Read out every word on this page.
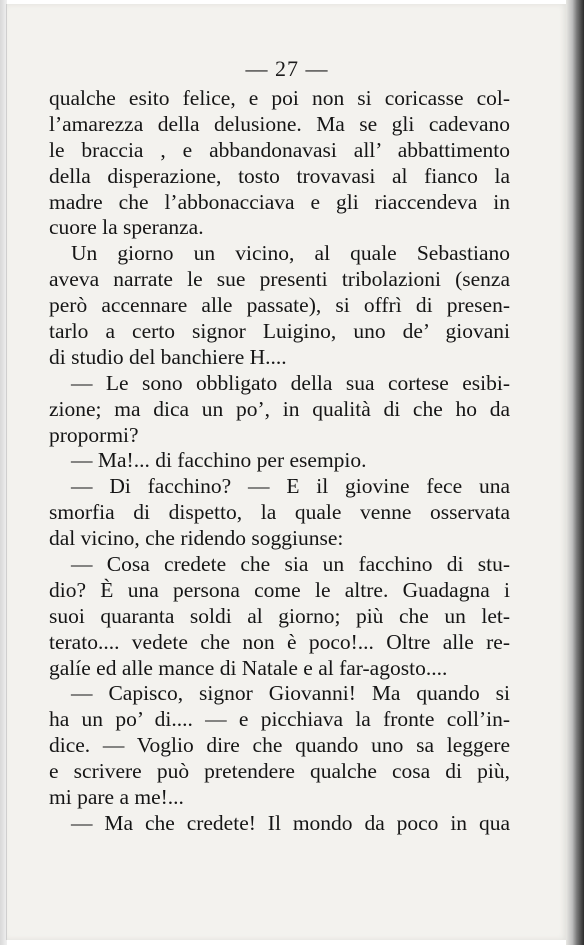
— 27 —
qualche esito felice, e poi non si coricasse col-
l’amarezza della delusione. Ma se gli cadevano
le braccia , e abbandonavasi all’ abbattimento
della disperazione, tosto trovavasi al fianco la
madre che l’abbonacciava e gli riaccendeva in
cuore la speranza.
Un giorno un vicino, al quale Sebastiano
aveva narrate le sue presenti tribolazioni (senza
però accennare alle passate), si offrì di presen-
tarlo a certo signor Luigino, uno de’ giovani
di studio del banchiere H....
— Le sono obbligato della sua cortese esibi-
zione; ma dica un po’, in qualità di che ho da
propormi?
— Ma!... di facchino per esempio.
— Di facchino? — E il giovine fece una
smorfia di dispetto, la quale venne osservata
dal vicino, che ridendo soggiunse:
— Cosa credete che sia un facchino di stu-
dio? È una persona come le altre. Guadagna i
suoi quaranta soldi al giorno; più che un let-
terato.... vedete che non è poco!... Oltre alle re-
galíe ed alle mance di Natale e al far-agosto....
— Capisco, signor Giovanni! Ma quando si
ha un po’ di.... — e picchiava la fronte coll’in-
dice. — Voglio dire che quando uno sa leggere
e scrivere può pretendere qualche cosa di più,
mi pare a me!...
— Ma che credete! Il mondo da poco in qua
